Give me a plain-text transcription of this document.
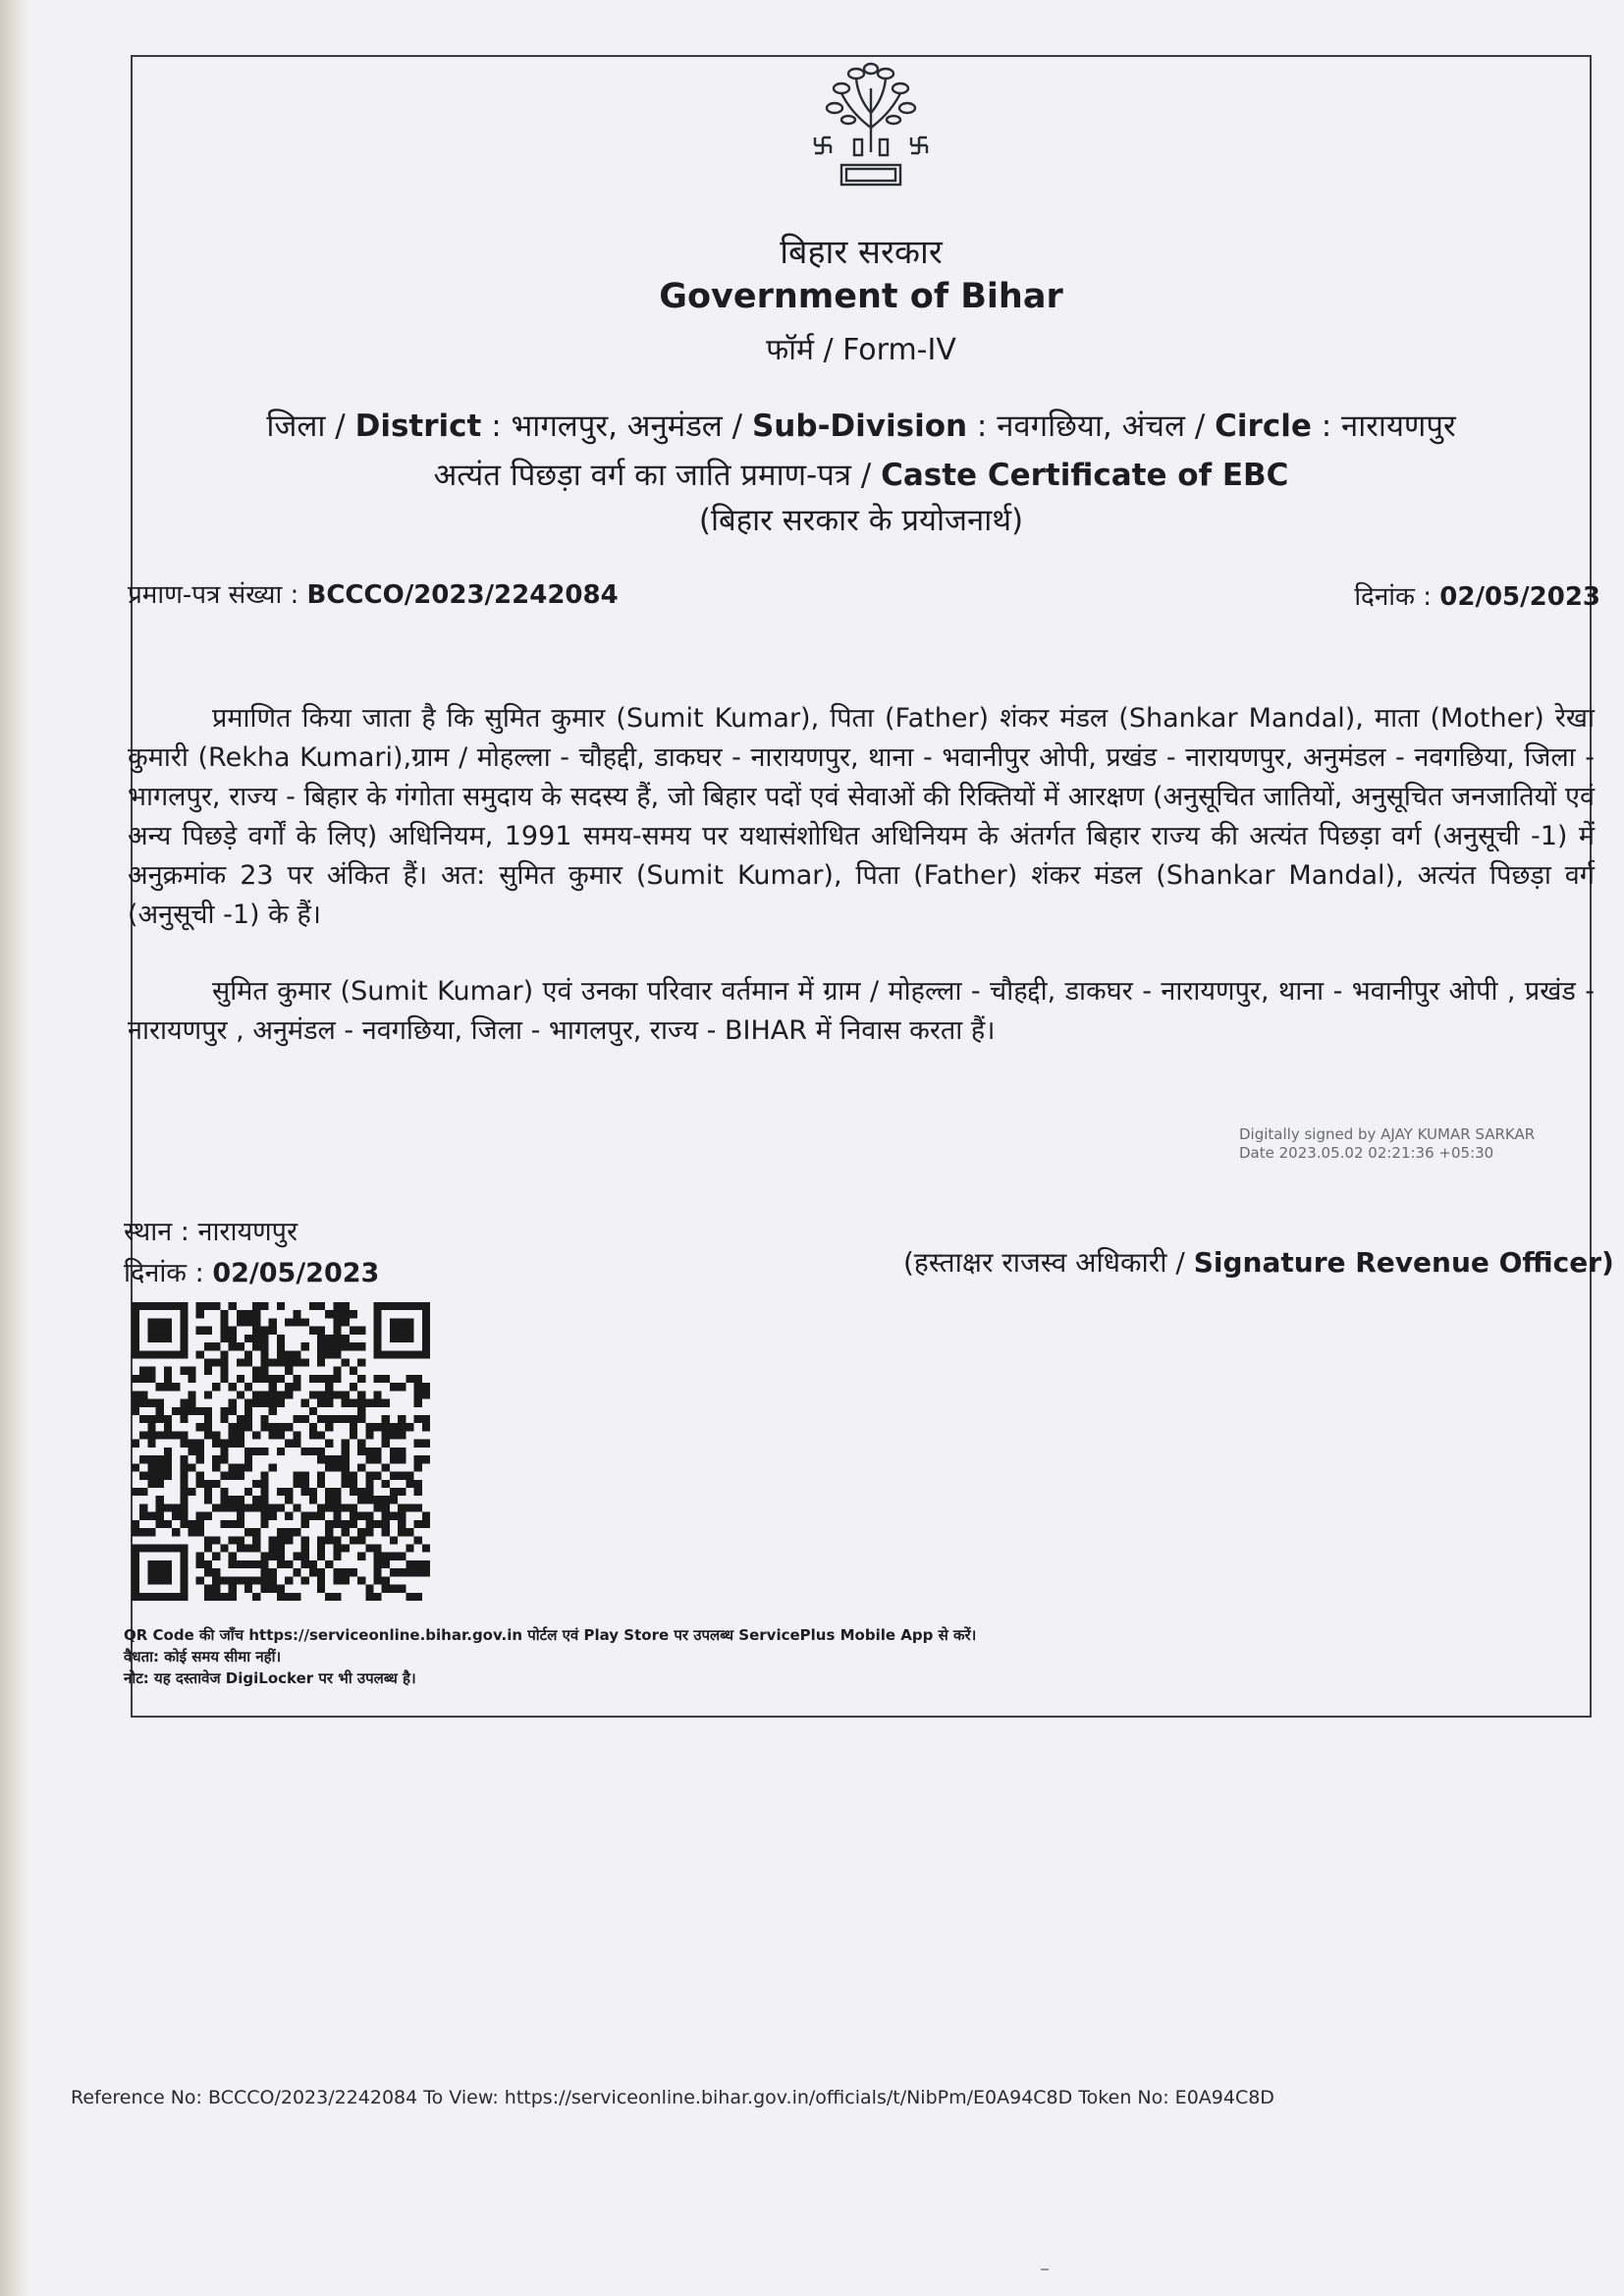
बिहार सरकार
Government of Bihar
फॉर्म / Form-IV
जिला / District : भागलपुर, अनुमंडल / Sub-Division : नवगछिया, अंचल / Circle : नारायणपुर
अत्यंत पिछड़ा वर्ग का जाति प्रमाण-पत्र / Caste Certificate of EBC
(बिहार सरकार के प्रयोजनार्थ)
प्रमाण-पत्र संख्या : BCCCO/2023/2242084	दिनांक : 02/05/2023
प्रमाणित किया जाता है कि सुमित कुमार (Sumit Kumar), पिता (Father) शंकर मंडल (Shankar Mandal), माता (Mother) रेखा कुमारी (Rekha Kumari),ग्राम / मोहल्ला - चौहद्दी, डाकघर - नारायणपुर, थाना - भवानीपुर ओपी, प्रखंड - नारायणपुर, अनुमंडल - नवगछिया, जिला - भागलपुर, राज्य - बिहार के गंगोता समुदाय के सदस्य हैं, जो बिहार पदों एवं सेवाओं की रिक्तियों में आरक्षण (अनुसूचित जातियों, अनुसूचित जनजातियों एवं अन्य पिछड़े वर्गों के लिए) अधिनियम, 1991 समय-समय पर यथासंशोधित अधिनियम के अंतर्गत बिहार राज्य की अत्यंत पिछड़ा वर्ग (अनुसूची -1) में अनुक्रमांक 23 पर अंकित हैं। अत: सुमित कुमार (Sumit Kumar), पिता (Father) शंकर मंडल (Shankar Mandal), अत्यंत पिछड़ा वर्ग (अनुसूची -1) के हैं।
सुमित कुमार (Sumit Kumar) एवं उनका परिवार वर्तमान में ग्राम / मोहल्ला - चौहद्दी, डाकघर - नारायणपुर, थाना - भवानीपुर ओपी , प्रखंड - नारायणपुर , अनुमंडल - नवगछिया, जिला - भागलपुर, राज्य - BIHAR में निवास करता हैं।
Digitally signed by AJAY KUMAR SARKAR
Date 2023.05.02 02:21:36 +05:30
स्थान : नारायणपुर
दिनांक : 02/05/2023	(हस्ताक्षर राजस्व अधिकारी / Signature Revenue Officer)
QR Code की जाँच https://serviceonline.bihar.gov.in पोर्टल एवं Play Store पर उपलब्ध ServicePlus Mobile App से करें।
वैधता: कोई समय सीमा नहीं।
नोट: यह दस्तावेज DigiLocker पर भी उपलब्ध है।
Reference No: BCCCO/2023/2242084 To View: https://serviceonline.bihar.gov.in/officials/t/NibPm/E0A94C8D Token No: E0A94C8D
